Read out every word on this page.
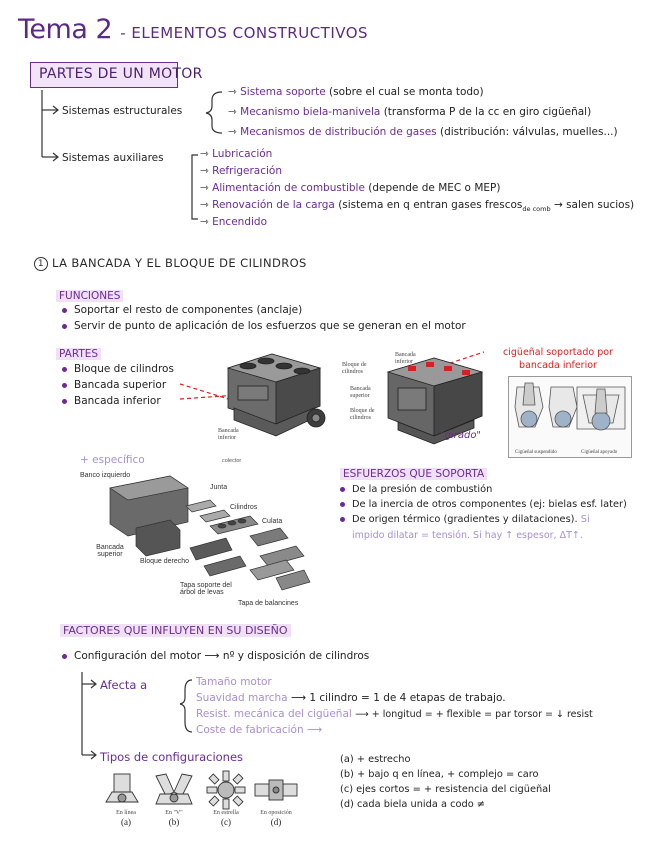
Tema 2 - ELEMENTOS CONSTRUCTIVOS
PARTES DE UN MOTOR
Sistemas estructurales
⇾ Sistema soporte (sobre el cual se monta todo)
⇾ Mecanismo biela-manivela (transforma P de la cc en giro cigüeñal)
⇾ Mecanismos de distribución de gases (distribución: válvulas, muelles...)
Sistemas auxiliares	⇾ Lubricación
⇾ Refrigeración
⇾ Alimentación de combustible (depende de MEC o MEP)
⇾ Renovación de la carga (sistema en q entran gases frescos$_{de comb}$ → salen sucios)
⇾ Encendido
1 LA BANCADA Y EL BLOQUE DE CILINDROS
FUNCIONES
Soportar el resto de componentes (anclaje)
Servir de punto de aplicación de los esfuerzos que se generan en el motor
PARTES
Bloque de cilindros
Bancada superior
Bancada inferior
Bancada inferior
Bloque de cilindros
Bancada inferior
Bancada superior
Bloque de cilindros
"girado"
cigüeñal soportado por bancada inferior
Cigüeñal suspendido	Cigüeñal apoyado
+ específico	colector
Banco izquierdo
Junta
Cilindros
Culata
Bancada superior
Bloque derecho
Tapa soporte del árbol de levas
Tapa de balancines
ESFUERZOS QUE SOPORTA
De la presión de combustión
De la inercia de otros componentes (ej: bielas esf. later)
De origen térmico (gradientes y dilataciones). Si
impido dilatar = tensión. Si hay ↑ espesor, ΔT↑.
FACTORES QUE INFLUYEN EN SU DISEÑO
Configuración del motor ⟶ nº y disposición de cilindros
Afecta a	Tamaño motor
Suavidad marcha ⟶ 1 cilindro = 1 de 4 etapas de trabajo.
Resist. mecánica del cigüeñal ⟶ + longitud = + flexible = par torsor = ↓ resist
Coste de fabricación ⟶
Tipos de configuraciones
En línea
(a)
En "V"
(b)
En estrella
(c)
En oposición
(d)
(a) + estrecho
(b) + bajo q en línea, + complejo = caro
(c) ejes cortos = + resistencia del cigüeñal
(d) cada biela unida a codo ≠
